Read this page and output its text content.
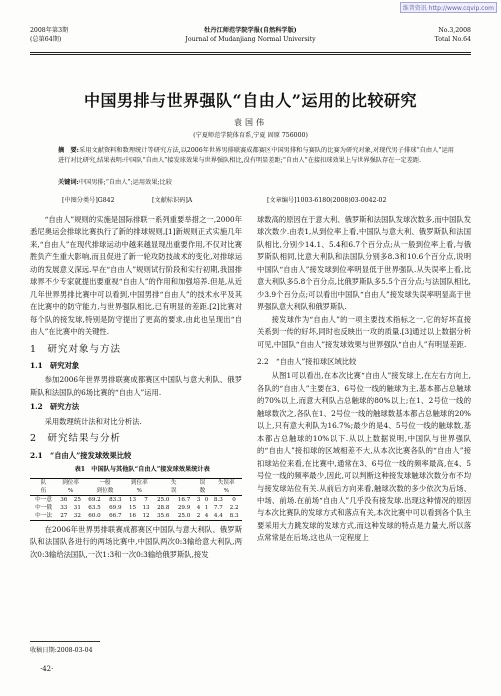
维普资讯 http://www.cqvip.com
2008年第3期
(总第64期)
牡丹江师范学院学报(自然科学版)
Journal of Mudanjiang Normal University
No.3,2008
Total No.64
中国男排与世界强队“自由人”运用的比较研究
袁国伟
(宁夏师范学院体育系,宁夏 固原 756000)
摘　要:采用文献资料和数理统计等研究方法,以2006年世界男排联赛成都赛区中国男排和与赛队的比赛为研究对象,对现代男子排球“自由人”运用进行对比研究,结果表明:中国队“自由人”接发球效果与世界强队相比,没有明显差距;“自由人”在接扣球效果上与世界强队存在一定差距.
关键词:中国男排;“自由人”;运用效果;比较
[中图分类号]G842	[文献标识码]A	[文章编号]1003-6180(2008)03-0042-02

“自由人”规则的实施是国际排联一系列重要举措之一,2000年悉尼奥运会排球比赛执行了新的排球规则,[1]新规则正式实施几年来,“自由人”在现代排球运动中越来越显现出重要作用,不仅对比赛胜负产生重大影响,而且促进了新一轮攻防技战术的变化,对排球运动的发展意义深远.早在“自由人”规则试行阶段和实行初期,我国排球界不少专家就提出要重视“自由人”的作用和加强培养.但是,从近几年世界男排比赛中可以看到,中国男排“自由人”的技术水平及其在比赛中的防守能力,与世界强队相比,已有明显的差距.[2]比赛对每个队的接发球,特别是防守提出了更高的要求,由此也呈现出“自由人”在比赛中的关键性.

1　研究对象与方法

1.1　研究对象

参加2006年世界男排联赛成都赛区中国队与意大利队、俄罗斯队和法国队的6场比赛的“自由人”运用.

1.2　研究方法

采用数理统计法和对比分析法.

2　研究结果与分析

2.1　“自由人”接发球效果比较

表1　中国队与其他队“自由人”接发球效果统计表

队	到位率		一般		到位率		失		误		失误率	
伍	%		到位数		%		误		数		%	
中一意	36	25	69.2	83.3	13	7	25.0	16.7	3	0	8.3	0
中一俄	33	31	63.5	69.9	15	13	28.8	29.9	4	1	7.7	2.2
中一法	27	32	60.0	66.7	16	12	35.6	25.0	2	4	4.4	8.3

在2006年世界男排联赛成都赛区中国队与意大利队、俄罗斯队和法国队各进行的两场比赛中,中国队两次0:3输给意大利队,两次0:3输给法国队,一次1:3和一次0:3输给俄罗斯队,接发

球数高的原因在于意大利、俄罗斯和法国队发球次数多,而中国队发球次数少.由表1,从到位率上看,中国队与意大利、俄罗斯队和法国队相比,分别少14.1、5.4和6.7个百分点;从一般到位率上看,与俄罗斯队相同,比意大利队和法国队分别多8.3和10.6个百分点,说明中国队“自由人”接发球到位率明显低于世界强队.从失误率上看,比意大利队多5.8个百分点,比俄罗斯队多5.5个百分点;与法国队相比,少3.9个百分点;可以看出中国队“自由人”接发球失误率明显高于世界强队意大利队和俄罗斯队.

接发球作为“自由人”的一项主要技术指标之一,它的好坏直接关系到一传的好坏,同时也反映出一攻的质量.[3]通过以上数据分析可见,中国队“自由人”接发球效果与世界强队“自由人”有明显差距.

2.2　“自由人”接扣球区域比较

从图1可以看出,在本次比赛“自由人”接发球上,在左右方向上,各队的“自由人”主要在3、6号位一线的触球为主,基本都占总触球的70%以上,而意大利队占总触球的80%以上;在1、2号位一线的触球数次之,各队在1、2号位一线的触球数基本都占总触球的20%以上,只有意大利队为16.7%;最少的是4、5号位一线的触球数,基本都占总触球的10%以下.从以上数据说明,中国队与世界强队的“自由人”接扣球的区域相差不大,从本次比赛各队的“自由人”接扣球站位来看,在比赛中,通常在3、6号位一线的频率最高,在4、5号位一线的频率最少,因此,可以判断这种接发球触球次数分布不均与接发球站位有关.从前后方向来看,触球次数的多少依次为后场、中场、前场.在前场“自由人”几乎没有接发球.出现这种情况的原因与本次比赛队的发球方式和落点有关,本次比赛中可以看到各个队主要采用大力跳发球的发球方式,而这种发球的特点是力量大,所以落点常常是在后场,这也从一定程度上

收稿日期:2008-03-04
·42·
